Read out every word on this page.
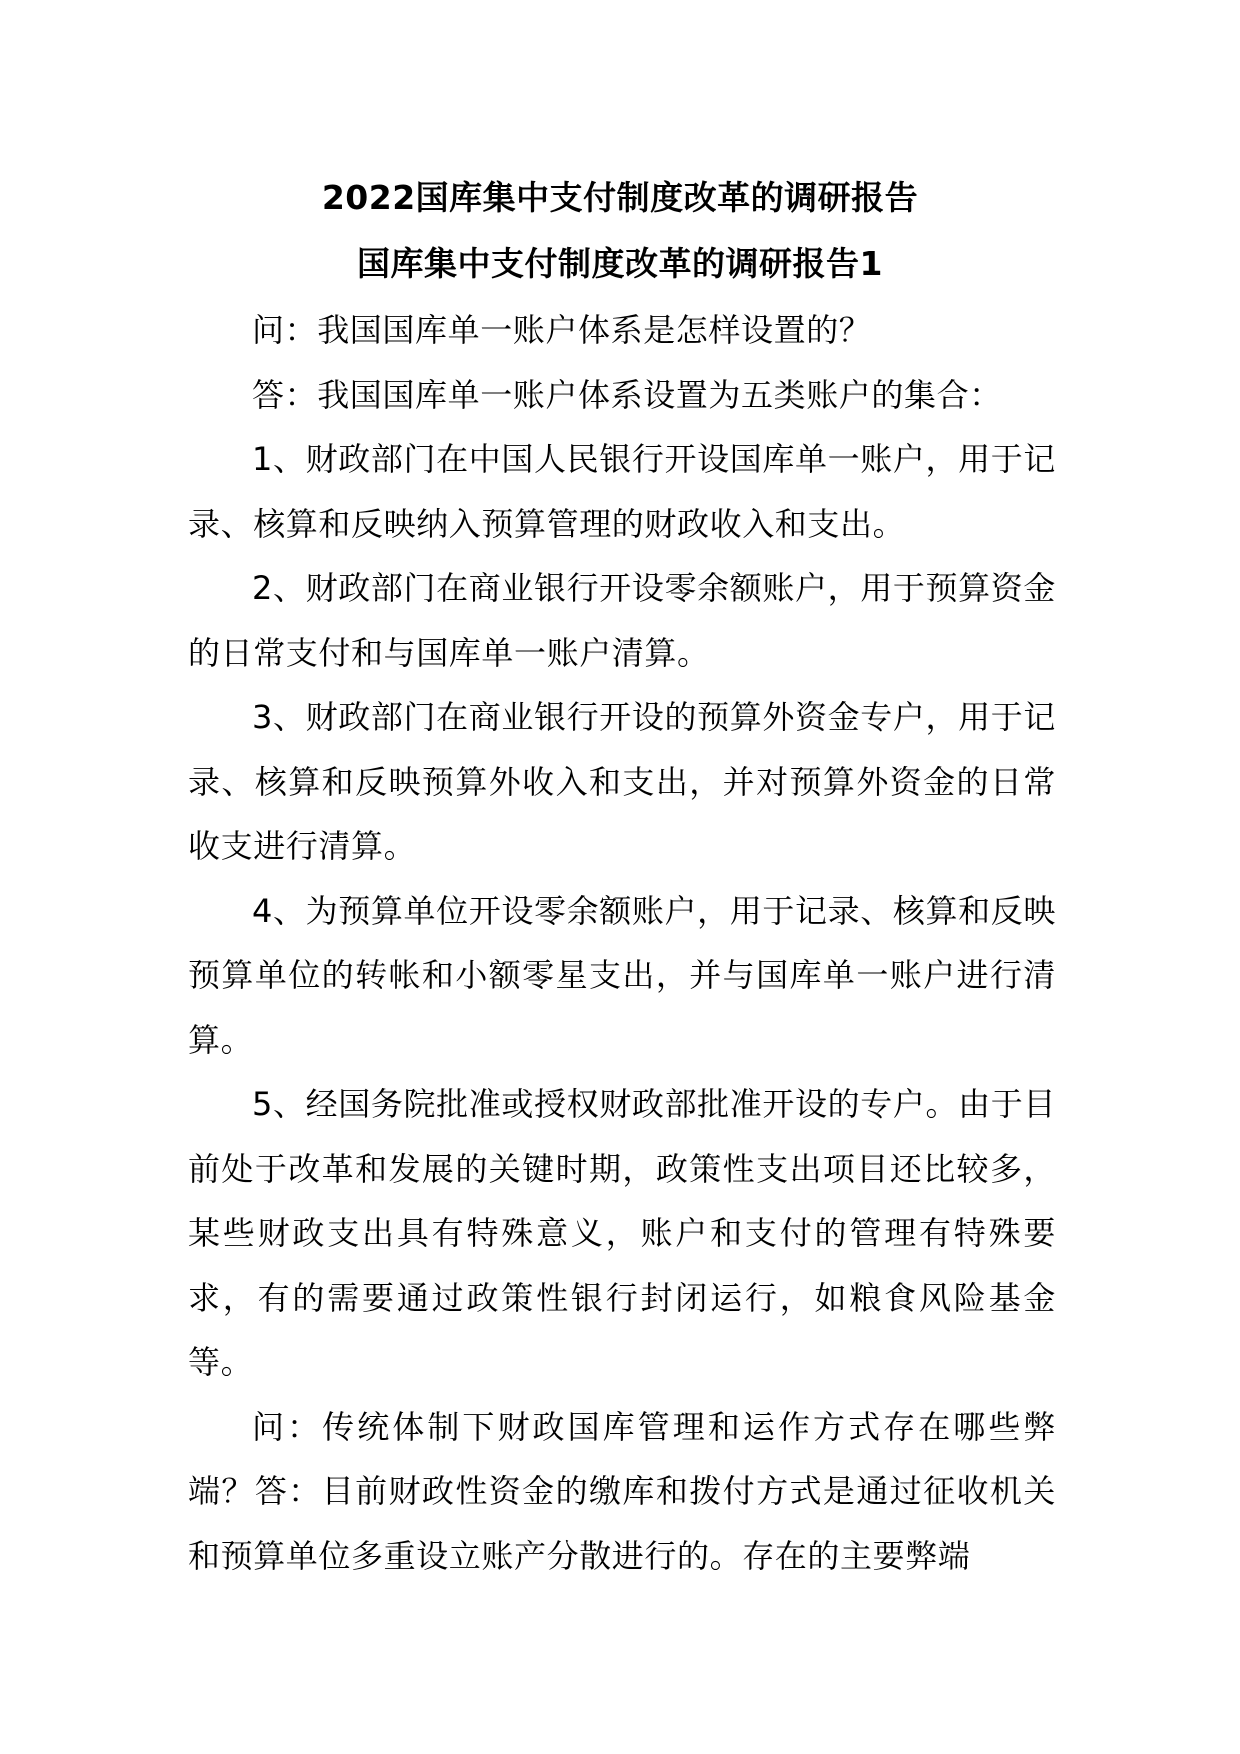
2022国库集中支付制度改革的调研报告
国库集中支付制度改革的调研报告1

问：我国国库单一账户体系是怎样设置的？

答：我国国库单一账户体系设置为五类账户的集合：

1、财政部门在中国人民银行开设国库单一账户，用于记录、核算和反映纳入预算管理的财政收入和支出。

2、财政部门在商业银行开设零余额账户，用于预算资金的日常支付和与国库单一账户清算。

3、财政部门在商业银行开设的预算外资金专户，用于记录、核算和反映预算外收入和支出，并对预算外资金的日常收支进行清算。

4、为预算单位开设零余额账户，用于记录、核算和反映预算单位的转帐和小额零星支出，并与国库单一账户进行清算。

5、经国务院批准或授权财政部批准开设的专户。由于目前处于改革和发展的关键时期，政策性支出项目还比较多，某些财政支出具有特殊意义，账户和支付的管理有特殊要求，有的需要通过政策性银行封闭运行，如粮食风险基金等。

问：传统体制下财政国库管理和运作方式存在哪些弊端？答：目前财政性资金的缴库和拨付方式是通过征收机关和预算单位多重设立账产分散进行的。存在的主要弊端
